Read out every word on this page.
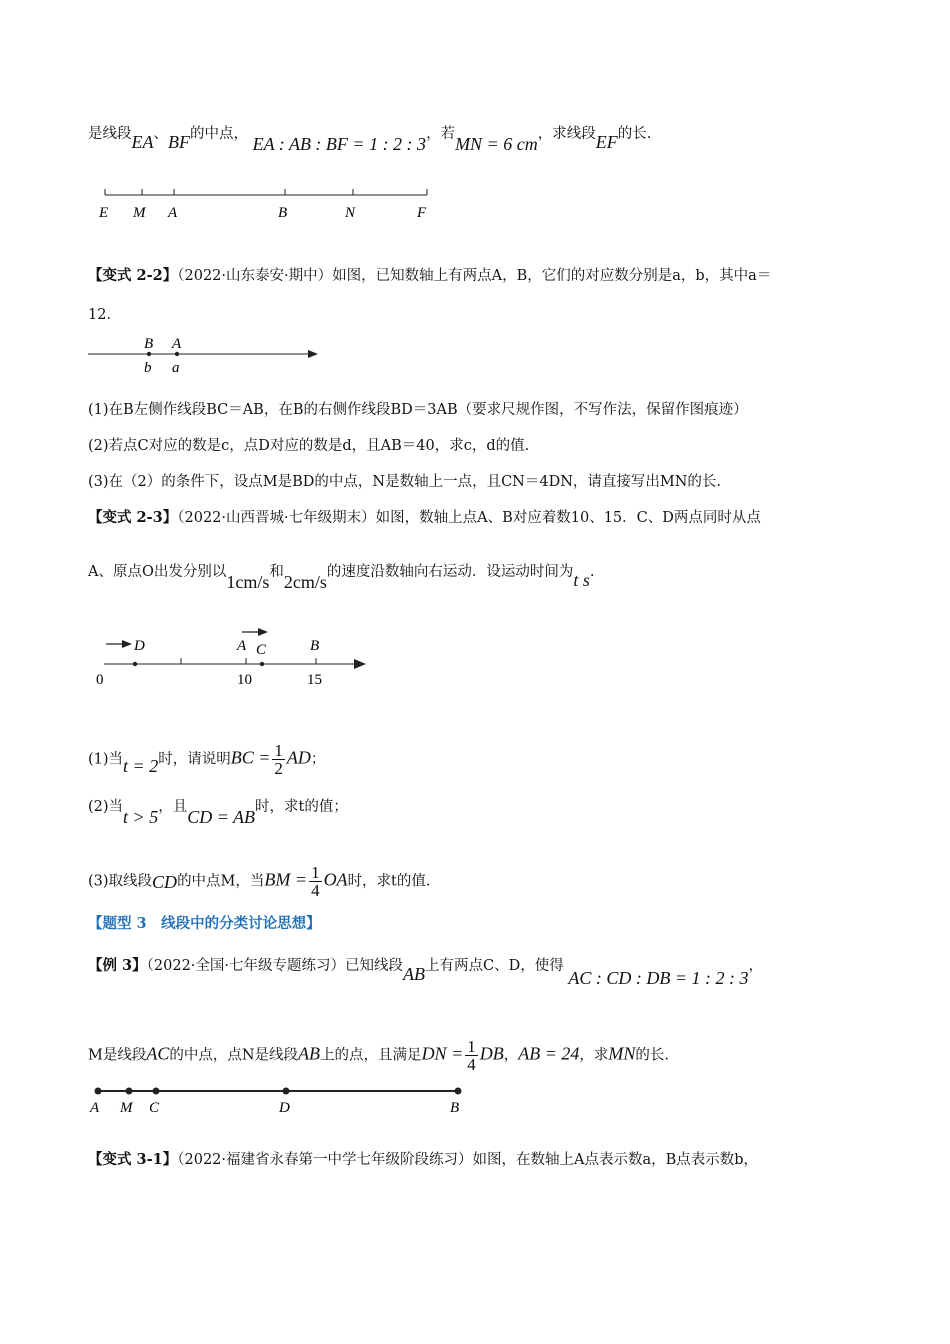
是线段EA、BF的中点， EA : AB : BF = 1 : 2 : 3，若MN = 6 cm，求线段EF的长.
E M A	B	N	F
【变式 2-2】（2022·山东泰安·期中）如图，已知数轴上有两点A，B，它们的对应数分别是a，b，其中a＝
12．
B A
b a
(1)在B左侧作线段BC＝AB，在B的右侧作线段BD＝3AB（要求尺规作图，不写作法，保留作图痕迹）
(2)若点C对应的数是c，点D对应的数是d，且AB＝40，求c，d的值.
(3)在（2）的条件下，设点M是BD的中点，N是数轴上一点，且CN＝4DN，请直接写出MN的长.
【变式 2-3】（2022·山西晋城·七年级期末）如图，数轴上点A、B对应着数10、15．C、D两点同时从点
A、原点O出发分别以1cm/s和2cm/s的速度沿数轴向右运动．设运动时间为t s.
D	A C	B
0	10	15
(1)当t = 2时，请说明BC = $\frac{1}{2}$ AD；
(2)当t > 5，且CD = AB时，求t的值；
(3)取线段CD的中点M，当BM = $\frac{1}{4}$ OA时，求t的值.
【题型 3　线段中的分类讨论思想】
【例 3】（2022·全国·七年级专题练习）已知线段AB上有两点C、D，使得 AC : CD : DB = 1 : 2 : 3，
M是线段AC的中点，点N是线段AB上的点，且满足DN = $\frac{1}{4}$ DB，AB = 24，求MN的长.
A M C	D	B
【变式 3-1】（2022·福建省永春第一中学七年级阶段练习）如图，在数轴上A点表示数a，B点表示数b，
